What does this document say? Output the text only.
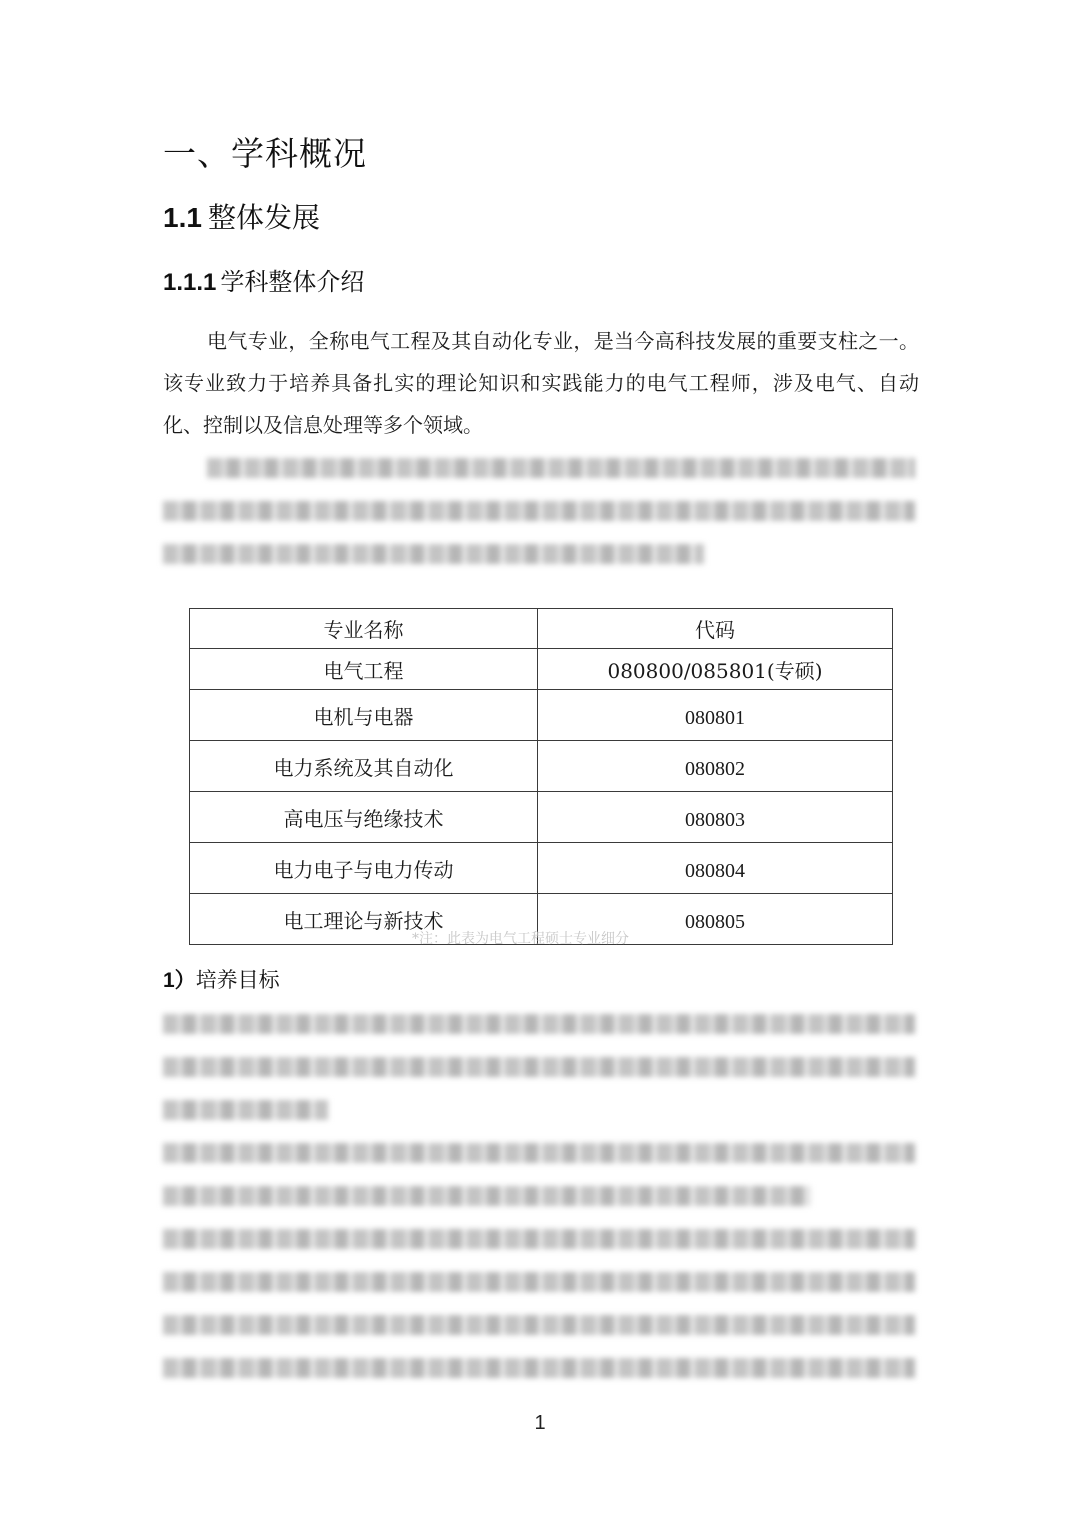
一、学科概况
1.1 整体发展
1.1.1 学科整体介绍
电气专业，全称电气工程及其自动化专业，是当今高科技发展的重要支柱之一。该专业致力于培养具备扎实的理论知识和实践能力的电气工程师，涉及电气、自动化、控制以及信息处理等多个领域。
专业名称	代码
电气工程	080800/085801(专硕)
电机与电器	080801
电力系统及其自动化	080802
高电压与绝缘技术	080803
电力电子与电力传动	080804
电工理论与新技术	080805
*注：此表为电气工程硕士专业细分
1）培养目标
1
